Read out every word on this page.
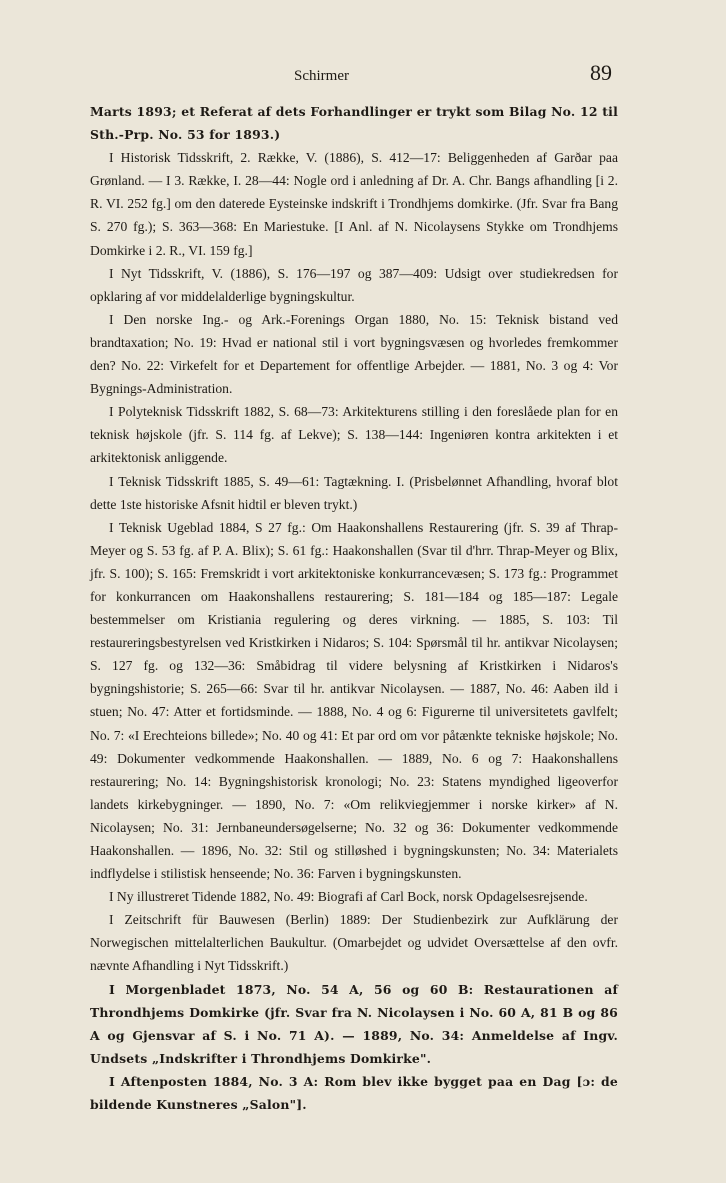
Schirmer	89

Marts 1893; et Referat af dets Forhandlinger er trykt som Bilag No. 12 til Sth.-Prp. No. 53 for 1893.)

I Historisk Tidsskrift, 2. Række, V. (1886), S. 412—17: Beliggenheden af Garðar paa Grønland. — I 3. Række, I. 28—44: Nogle ord i anledning af Dr. A. Chr. Bangs afhandling [i 2. R. VI. 252 fg.] om den daterede Eysteinske indskrift i Trondhjems domkirke. (Jfr. Svar fra Bang S. 270 fg.); S. 363—368: En Mariestuke. [I Anl. af N. Nicolaysens Stykke om Trondhjems Domkirke i 2. R., VI. 159 fg.]

I Nyt Tidsskrift, V. (1886), S. 176—197 og 387—409: Udsigt over studiekredsen for opklaring af vor middelalderlige bygningskultur.

I Den norske Ing.- og Ark.-Forenings Organ 1880, No. 15: Teknisk bistand ved brandtaxation; No. 19: Hvad er national stil i vort bygningsvæsen og hvorledes fremkommer den? No. 22: Virkefelt for et Departement for offentlige Arbejder. — 1881, No. 3 og 4: Vor Bygnings-Administration.

I Polyteknisk Tidsskrift 1882, S. 68—73: Arkitekturens stilling i den foreslåede plan for en teknisk højskole (jfr. S. 114 fg. af Lekve); S. 138—144: Ingeniøren kontra arkitekten i et arkitektonisk anliggende.

I Teknisk Tidsskrift 1885, S. 49—61: Tagtækning. I. (Prisbelønnet Afhandling, hvoraf blot dette 1ste historiske Afsnit hidtil er bleven trykt.)

I Teknisk Ugeblad 1884, S 27 fg.: Om Haakonshallens Restaurering (jfr. S. 39 af Thrap-Meyer og S. 53 fg. af P. A. Blix); S. 61 fg.: Haakonshallen (Svar til d'hrr. Thrap-Meyer og Blix, jfr. S. 100); S. 165: Fremskridt i vort arkitektoniske konkurrancevæsen; S. 173 fg.: Programmet for konkurrancen om Haakonshallens restaurering; S. 181—184 og 185—187: Legale bestemmelser om Kristiania regulering og deres virkning. — 1885, S. 103: Til restaureringsbestyrelsen ved Kristkirken i Nidaros; S. 104: Spørsmål til hr. antikvar Nicolaysen; S. 127 fg. og 132—36: Småbidrag til videre belysning af Kristkirken i Nidaros's bygningshistorie; S. 265—66: Svar til hr. antikvar Nicolaysen. — 1887, No. 46: Aaben ild i stuen; No. 47: Atter et fortidsminde. — 1888, No. 4 og 6: Figurerne til universitetets gavlfelt; No. 7: «I Erechteions billede»; No. 40 og 41: Et par ord om vor påtænkte tekniske højskole; No. 49: Dokumenter vedkommende Haakonshallen. — 1889, No. 6 og 7: Haakonshallens restaurering; No. 14: Bygningshistorisk kronologi; No. 23: Statens myndighed ligeoverfor landets kirkebygninger. — 1890, No. 7: «Om relikviegjemmer i norske kirker» af N. Nicolaysen; No. 31: Jernbaneundersøgelserne; No. 32 og 36: Dokumenter vedkommende Haakonshallen. — 1896, No. 32: Stil og stilløshed i bygningskunsten; No. 34: Materialets indflydelse i stilistisk henseende; No. 36: Farven i bygningskunsten.

I Ny illustreret Tidende 1882, No. 49: Biografi af Carl Bock, norsk Opdagelsesrejsende.

I Zeitschrift für Bauwesen (Berlin) 1889: Der Studienbezirk zur Aufklärung der Norwegischen mittelalterlichen Baukultur. (Omarbejdet og udvidet Oversættelse af den ovfr. nævnte Afhandling i Nyt Tidsskrift.)

I Morgenbladet 1873, No. 54 A, 56 og 60 B: Restaurationen af Throndhjems Domkirke (jfr. Svar fra N. Nicolaysen i No. 60 A, 81 B og 86 A og Gjensvar af S. i No. 71 A). — 1889, No. 34: Anmeldelse af Ingv. Undsets „Indskrifter i Throndhjems Domkirke".

I Aftenposten 1884, No. 3 A: Rom blev ikke bygget paa en Dag [ɔ: de bildende Kunstneres „Salon"].
